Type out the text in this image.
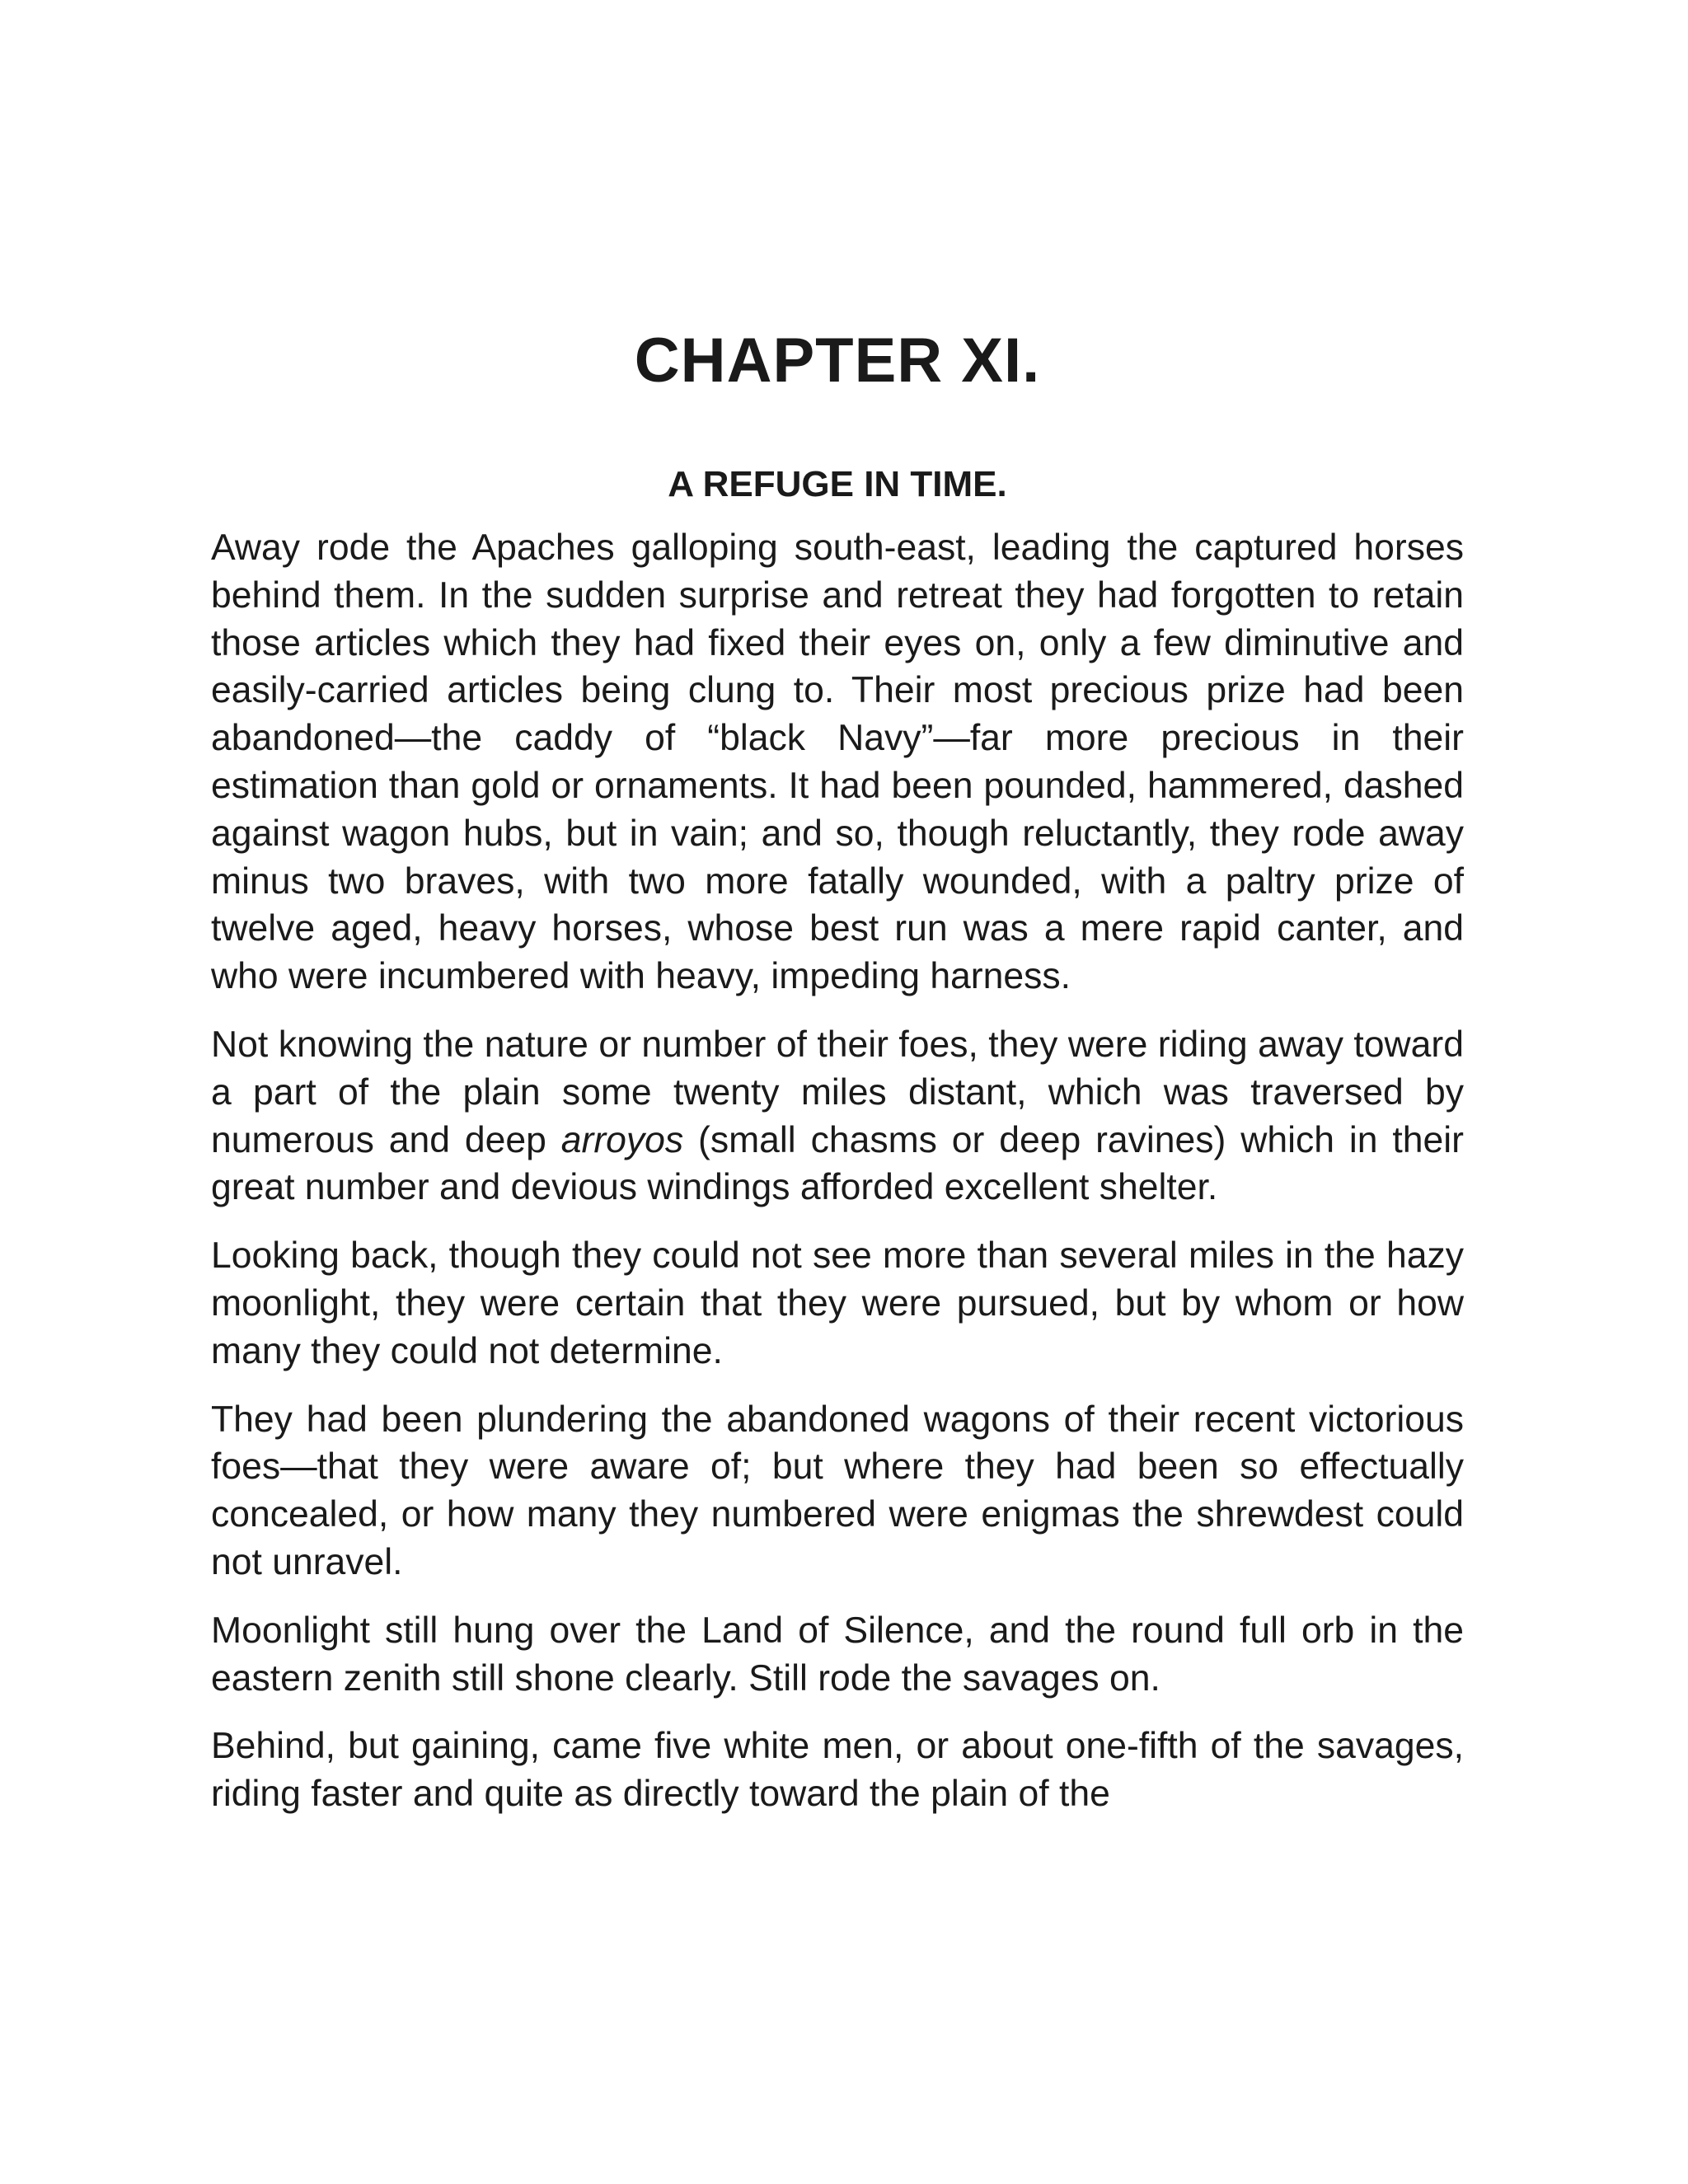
CHAPTER XI.
A REFUGE IN TIME.

Away rode the Apaches galloping south-east, leading the captured horses behind them. In the sudden surprise and retreat they had forgotten to retain those articles which they had fixed their eyes on, only a few diminutive and easily-carried articles being clung to. Their most precious prize had been abandoned—the caddy of “black Navy”—far more precious in their estimation than gold or ornaments. It had been pounded, hammered, dashed against wagon hubs, but in vain; and so, though reluctantly, they rode away minus two braves, with two more fatally wounded, with a paltry prize of twelve aged, heavy horses, whose best run was a mere rapid canter, and who were incumbered with heavy, impeding harness.

Not knowing the nature or number of their foes, they were riding away toward a part of the plain some twenty miles distant, which was traversed by numerous and deep arroyos (small chasms or deep ravines) which in their great number and devious windings afforded excellent shelter.

Looking back, though they could not see more than several miles in the hazy moonlight, they were certain that they were pursued, but by whom or how many they could not determine.

They had been plundering the abandoned wagons of their recent victorious foes—that they were aware of; but where they had been so effectually concealed, or how many they numbered were enigmas the shrewdest could not unravel.

Moonlight still hung over the Land of Silence, and the round full orb in the eastern zenith still shone clearly. Still rode the savages on.

Behind, but gaining, came five white men, or about one-fifth of the savages, riding faster and quite as directly toward the plain of the
